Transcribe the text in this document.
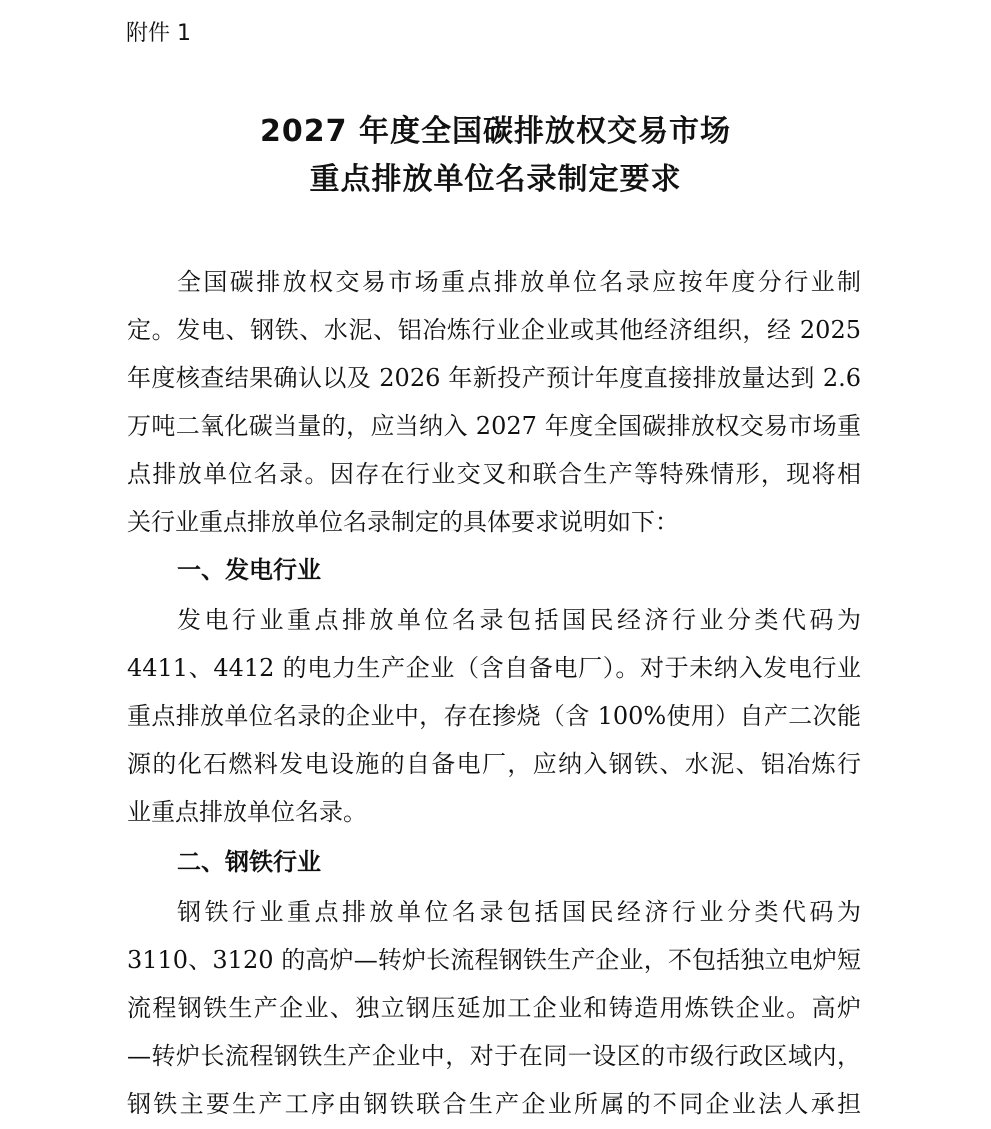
附件 1
2027 年度全国碳排放权交易市场
重点排放单位名录制定要求
全国碳排放权交易市场重点排放单位名录应按年度分行业制
定。发电、钢铁、水泥、铝冶炼行业企业或其他经济组织，经 2025
年度核查结果确认以及 2026 年新投产预计年度直接排放量达到 2.6
万吨二氧化碳当量的，应当纳入 2027 年度全国碳排放权交易市场重
点排放单位名录。因存在行业交叉和联合生产等特殊情形，现将相
关行业重点排放单位名录制定的具体要求说明如下：
一、发电行业
发电行业重点排放单位名录包括国民经济行业分类代码为
4411、4412 的电力生产企业（含自备电厂）。对于未纳入发电行业
重点排放单位名录的企业中，存在掺烧（含 100%使用）自产二次能
源的化石燃料发电设施的自备电厂，应纳入钢铁、水泥、铝冶炼行
业重点排放单位名录。
二、钢铁行业
钢铁行业重点排放单位名录包括国民经济行业分类代码为
3110、3120 的高炉—转炉长流程钢铁生产企业，不包括独立电炉短
流程钢铁生产企业、独立钢压延加工企业和铸造用炼铁企业。高炉
—转炉长流程钢铁生产企业中，对于在同一设区的市级行政区域内，
钢铁主要生产工序由钢铁联合生产企业所属的不同企业法人承担
